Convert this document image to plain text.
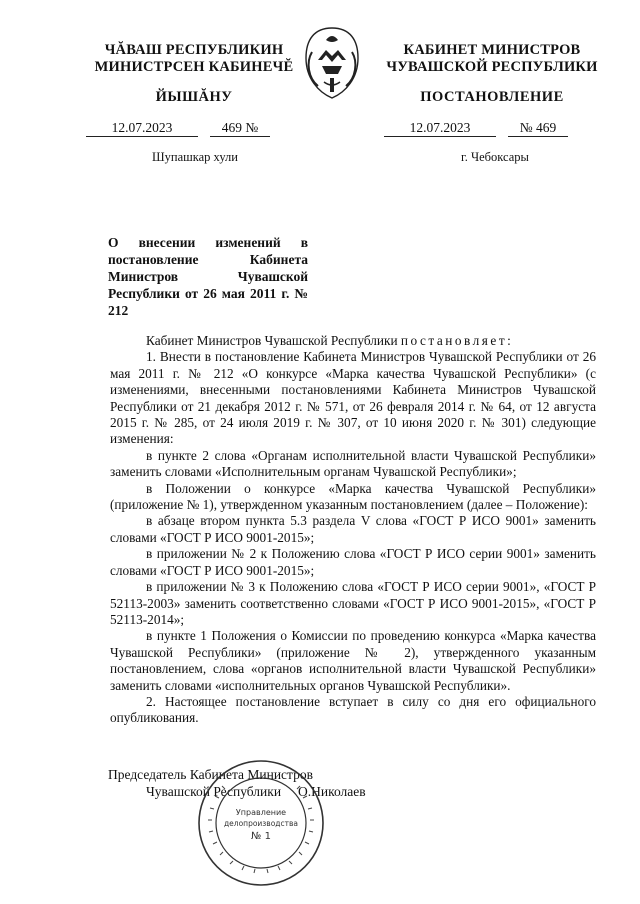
ЧĂВАШ РЕСПУБЛИКИН
МИНИСТРСЕН КАБИНЕЧĔ
ЙЫШĂНУ
КАБИНЕТ МИНИСТРОВ
ЧУВАШСКОЙ РЕСПУБЛИКИ
ПОСТАНОВЛЕНИЕ
12.07.2023	469 №	12.07.2023	№ 469
Шупашкар хули	г. Чебоксары
О внесении изменений в постановление Кабинета Министров Чувашской Республики от 26 мая 2011 г. № 212

Кабинет Министров Чувашской Республики постановляет:

1. Внести в постановление Кабинета Министров Чувашской Республики от 26 мая 2011 г. № 212 «О конкурсе «Марка качества Чувашской Республики» (с изменениями, внесенными постановлениями Кабинета Министров Чувашской Республики от 21 декабря 2012 г. № 571, от 26 февраля 2014 г. № 64, от 12 августа 2015 г. № 285, от 24 июля 2019 г. № 307, от 10 июня 2020 г. № 301) следующие изменения:

в пункте 2 слова «Органам исполнительной власти Чувашской Республики» заменить словами «Исполнительным органам Чувашской Республики»;

в Положении о конкурсе «Марка качества Чувашской Республики» (приложение № 1), утвержденном указанным постановлением (далее – Положение):

в абзаце втором пункта 5.3 раздела V слова «ГОСТ Р ИСО 9001» заменить словами «ГОСТ Р ИСО 9001-2015»;

в приложении № 2 к Положению слова «ГОСТ Р ИСО серии 9001» заменить словами «ГОСТ Р ИСО 9001-2015»;

в приложении № 3 к Положению слова «ГОСТ Р ИСО серии 9001», «ГОСТ Р 52113-2003» заменить соответственно словами «ГОСТ Р ИСО 9001-2015», «ГОСТ Р 52113-2014»;

в пункте 1 Положения о Комиссии по проведению конкурса «Марка качества Чувашской Республики» (приложение № 2), утвержденного указанным постановлением, слова «органов исполнительной власти Чувашской Республики» заменить словами «исполнительных органов Чувашской Республики».

2. Настоящее постановление вступает в силу со дня его официального опубликования.

Председатель Кабинета Министров
Чувашской Республики О.Николаев
Управление
делопроизводства
№ 1
